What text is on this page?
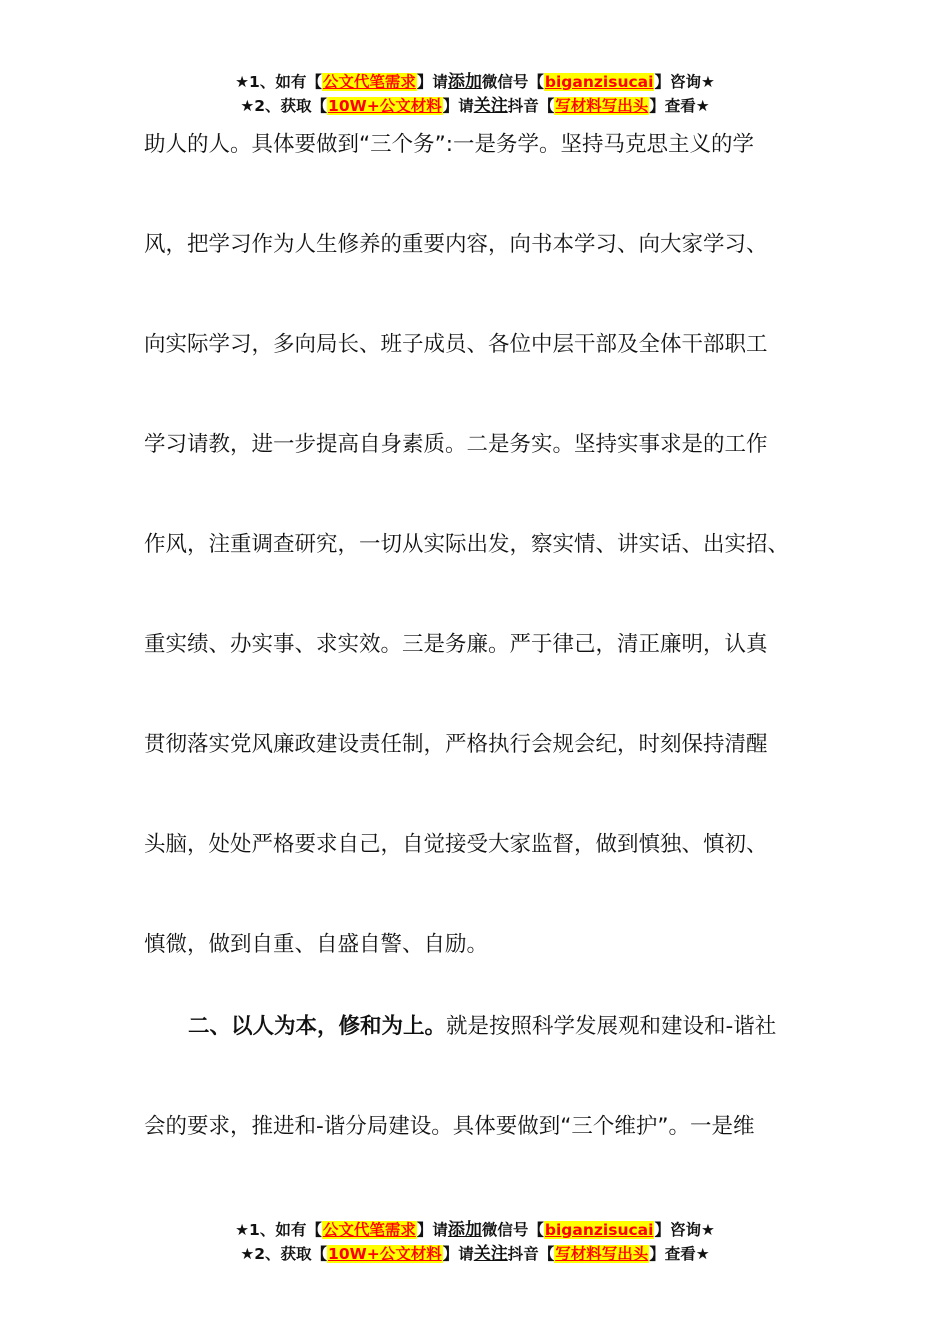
★1、如有【公文代笔需求】请添加微信号【biganzisucai】咨询★
★2、获取【10W+公文材料】请关注抖音【写材料写出头】查看★
助人的人。具体要做到“三个务”:一是务学。坚持马克思主义的学
风，把学习作为人生修养的重要内容，向书本学习、向大家学习、
向实际学习，多向局长、班子成员、各位中层干部及全体干部职工
学习请教，进一步提高自身素质。二是务实。坚持实事求是的工作
作风，注重调查研究，一切从实际出发，察实情、讲实话、出实招、
重实绩、办实事、求实效。三是务廉。严于律己，清正廉明，认真
贯彻落实党风廉政建设责任制，严格执行会规会纪，时刻保持清醒
头脑，处处严格要求自己，自觉接受大家监督，做到慎独、慎初、
慎微，做到自重、自盛自警、自励。
二、以人为本，修和为上。就是按照科学发展观和建设和-谐社
会的要求，推进和-谐分局建设。具体要做到“三个维护”。一是维
★1、如有【公文代笔需求】请添加微信号【biganzisucai】咨询★
★2、获取【10W+公文材料】请关注抖音【写材料写出头】查看★
